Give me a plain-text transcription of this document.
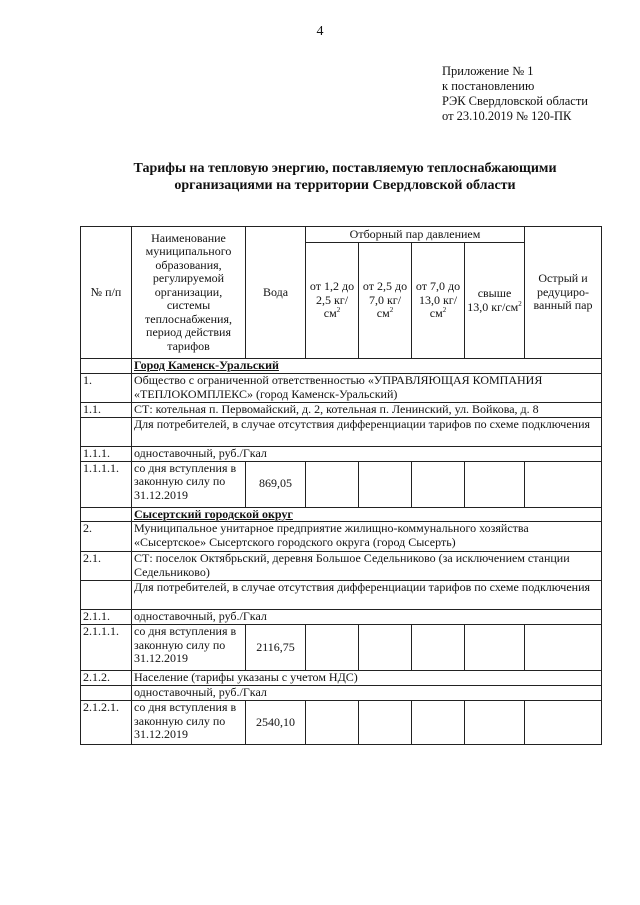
4
Приложение № 1
к постановлению
РЭК Свердловской области
от 23.10.2019 № 120-ПК
Тарифы на тепловую энергию, поставляемую теплоснабжающими
организациями на территории Свердловской области
№ п/п	Наименование муниципального образования, регулируемой организации, системы теплоснабжения, период действия тарифов	Вода	Отборный пар давлением				Острый и редуциро-ванный пар
			от 1,2 до 2,5 $кг/см^2$	от 2,5 до 7,0 $кг/см^2$	от 7,0 до 13,0 $кг/см^2$	свыше 13,0 $кг/см^2$
	Город Каменск-Уральский						
1.	Общество с ограниченной ответственностью «УПРАВЛЯЮЩАЯ КОМПАНИЯ «ТЕПЛОКОМПЛЕКС» (город Каменск-Уральский)						
1.1.	СТ: котельная п. Первомайский, д. 2, котельная п. Ленинский, ул. Войкова, д. 8						
	Для потребителей, в случае отсутствия дифференциации тарифов по схеме подключения						
1.1.1.	одноставочный, руб./Гкал						
1.1.1.1.	со дня вступления в законную силу по 31.12.2019	869,05					
	Сысертский городской округ						
2.	Муниципальное унитарное предприятие жилищно-коммунального хозяйства «Сысертское» Сысертского городского округа (город Сысерть)						
2.1.	СТ: поселок Октябрьский, деревня Большое Седельниково (за исключением станции Седельниково)						
	Для потребителей, в случае отсутствия дифференциации тарифов по схеме подключения						
2.1.1.	одноставочный, руб./Гкал						
2.1.1.1.	со дня вступления в законную силу по 31.12.2019	2116,75					
2.1.2.	Население (тарифы указаны с учетом НДС)						
	одноставочный, руб./Гкал						
2.1.2.1.	со дня вступления в законную силу по 31.12.2019	2540,10					
